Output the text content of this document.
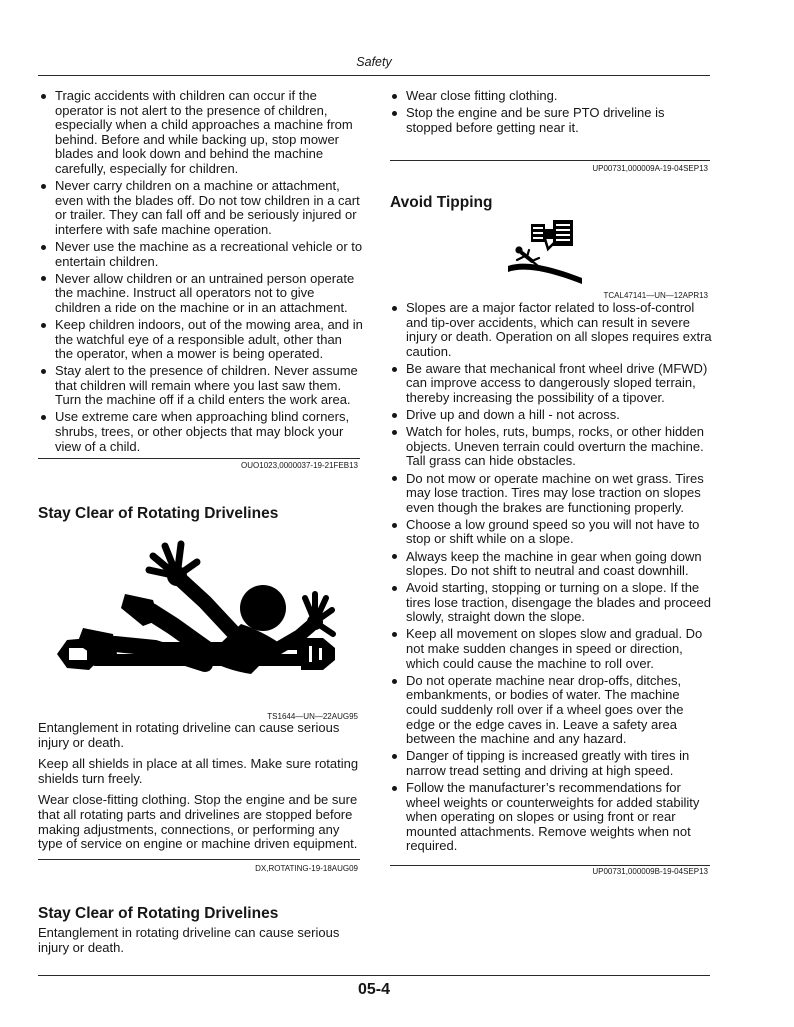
Safety
Tragic accidents with children can occur if the
operator is not alert to the presence of children,
especially when a child approaches a machine from
behind. Before and while backing up, stop mower
blades and look down and behind the machine
carefully, especially for children.
Never carry children on a machine or attachment,
even with the blades off. Do not tow children in a cart
or trailer. They can fall off and be seriously injured or
interfere with safe machine operation.
Never use the machine as a recreational vehicle or to
entertain children.
Never allow children or an untrained person operate
the machine. Instruct all operators not to give
children a ride on the machine or in an attachment.
Keep children indoors, out of the mowing area, and in
the watchful eye of a responsible adult, other than
the operator, when a mower is being operated.
Stay alert to the presence of children. Never assume
that children will remain where you last saw them.
Turn the machine off if a child enters the work area.
Use extreme care when approaching blind corners,
shrubs, trees, or other objects that may block your
view of a child.
OUO1023,0000037-19-21FEB13
Stay Clear of Rotating Drivelines
TS1644—UN—22AUG95

Entanglement in rotating driveline can cause serious
injury or death.

Keep all shields in place at all times. Make sure rotating
shields turn freely.

Wear close-fitting clothing. Stop the engine and be sure
that all rotating parts and drivelines are stopped before
making adjustments, connections, or performing any
type of service on engine or machine driven equipment.

DX,ROTATING-19-18AUG09
Stay Clear of Rotating Drivelines
Entanglement in rotating driveline can cause serious
injury or death.
Wear close fitting clothing.
Stop the engine and be sure PTO driveline is
stopped before getting near it.
UP00731,000009A-19-04SEP13
Avoid Tipping
TCAL47141—UN—12APR13
Slopes are a major factor related to loss-of-control
and tip-over accidents, which can result in severe
injury or death. Operation on all slopes requires extra
caution.
Be aware that mechanical front wheel drive (MFWD)
can improve access to dangerously sloped terrain,
thereby increasing the possibility of a tipover.
Drive up and down a hill - not across.
Watch for holes, ruts, bumps, rocks, or other hidden
objects. Uneven terrain could overturn the machine.
Tall grass can hide obstacles.
Do not mow or operate machine on wet grass. Tires
may lose traction. Tires may lose traction on slopes
even though the brakes are functioning properly.
Choose a low ground speed so you will not have to
stop or shift while on a slope.
Always keep the machine in gear when going down
slopes. Do not shift to neutral and coast downhill.
Avoid starting, stopping or turning on a slope. If the
tires lose traction, disengage the blades and proceed
slowly, straight down the slope.
Keep all movement on slopes slow and gradual. Do
not make sudden changes in speed or direction,
which could cause the machine to roll over.
Do not operate machine near drop-offs, ditches,
embankments, or bodies of water. The machine
could suddenly roll over if a wheel goes over the
edge or the edge caves in. Leave a safety area
between the machine and any hazard.
Danger of tipping is increased greatly with tires in
narrow tread setting and driving at high speed.
Follow the manufacturer’s recommendations for
wheel weights or counterweights for added stability
when operating on slopes or using front or rear
mounted attachments. Remove weights when not
required.
UP00731,000009B-19-04SEP13
05-4
